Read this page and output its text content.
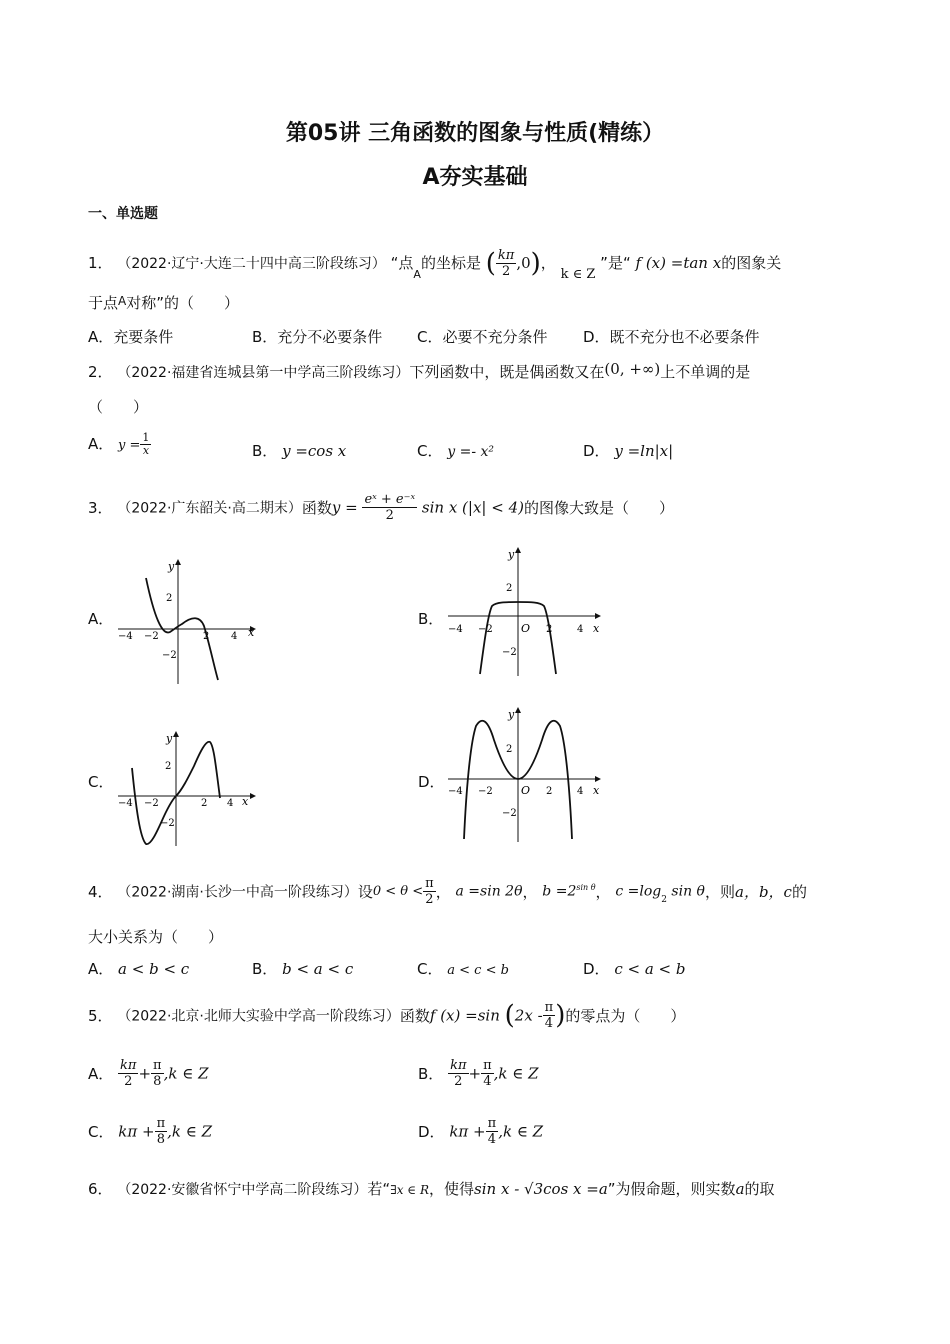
第05讲 三角函数的图象与性质(精练）
A夯实基础
一、单选题
1． （2022·辽宁·大连二十四中高三阶段练习） “点$_A$的坐标是 ( $\frac{k\pi}{2} ,0$)， k ∈ Z ”是“ f (x) =tan x的图象关
于点$^A$对称”的（　　）
A．充要条件	B．充分不必要条件 C．必要不充分条件 D．既不充分也不必要条件
2． （2022·福建省连城县第一中学高三阶段练习）下列函数中，既是偶函数又在(0, +∞)上不单调的是
（　　）
A． $y = \frac{1}{x}$	B． y =cos x	C． y =- x²	D． y =ln|x|
3． （2022·广东韶关·高二期末）函数$y = \frac{\text{eˣ + e⁻ˣ}}{2}$ sin x (|x| < 4)的图像大致是（　　）
A．	B．
C．	D．
y
x
2
−2
−4 −2	2 4
y
x
2
−2
−4 −2	O 2 4
y
x
2
−2
−4 −2	2 4
y
x
2
−2
−4 −2	O 2 4
4． （2022·湖南·长沙一中高一阶段练习）设$0 < \theta < \frac{\pi}{2}$ ， a =sin 2θ， $b =2^{sin \theta}$， $c =\log_2$ sin θ，则a，b，c的
大小关系为（　　）
A． a < b < c	B． b < a < c	C． a < c < b	D． c < a < b
5． （2022·北京·北师大实验中学高一阶段练习）函数f (x) =sin ($2x - \frac{\pi}{4}$ )的零点为（　　）
A． $\frac{k\pi}{2} + \frac{\pi}{8} ,k$ ∈ Z	B． $\frac{k\pi}{2} + \frac{\pi}{4} ,k$ ∈ Z
C． $k\pi + \frac{\pi}{8} ,k$ ∈ Z	D． $k\pi + \frac{\pi}{4} ,k$ ∈ Z
6． （2022·安徽省怀宁中学高二阶段练习）若“∃x ∈ R，使得sin x - √3cos x =a”为假命题，则实数a的取
